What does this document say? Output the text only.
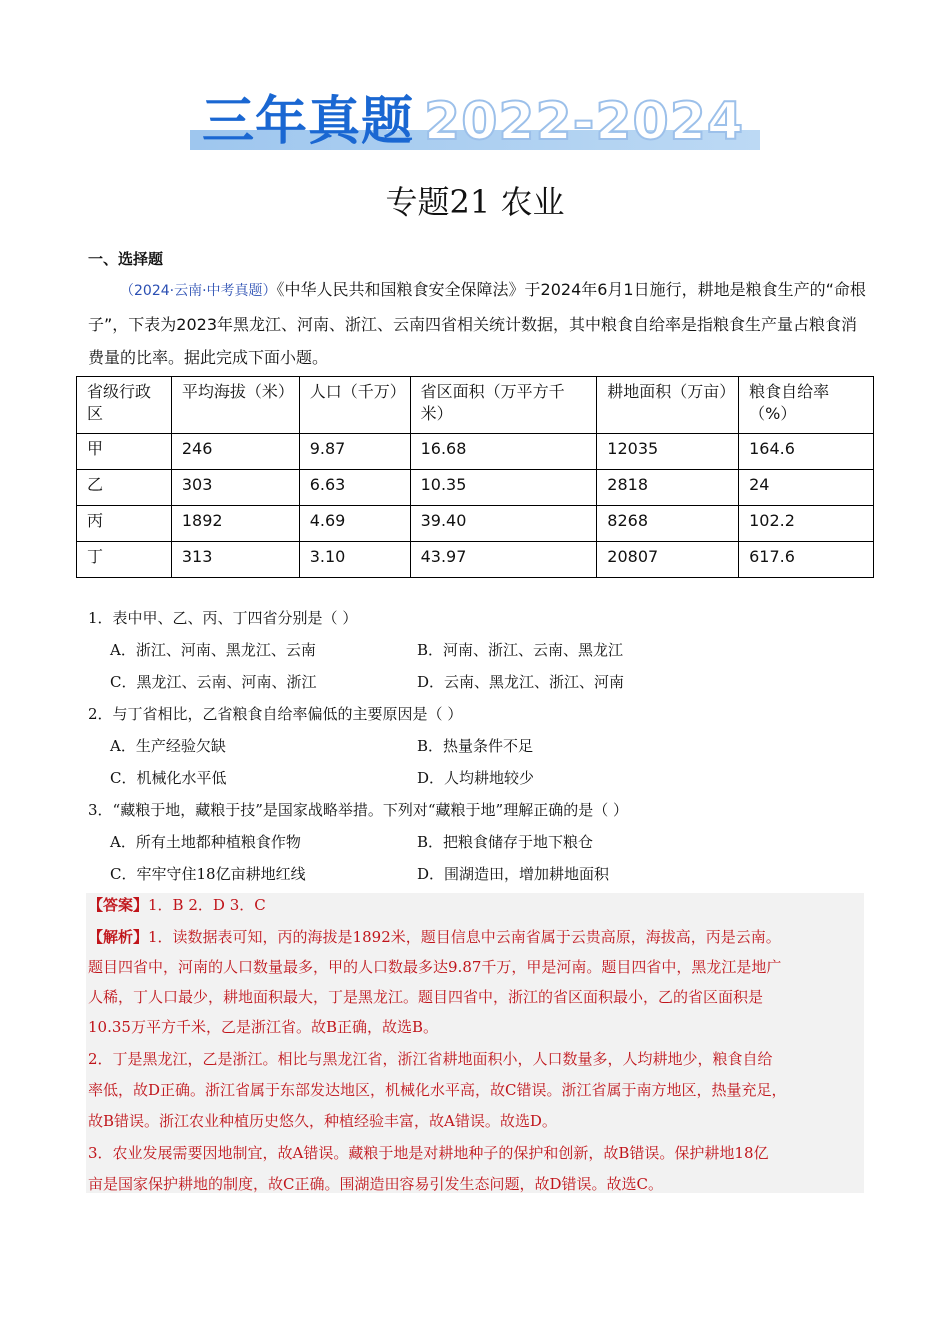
三年真题 2022-2024
专题21 农业
一、选择题
（2024·云南·中考真题）《中华人民共和国粮食安全保障法》于2024年6月1日施行，耕地是粮食生产的“命根子”，下表为2023年黑龙江、河南、浙江、云南四省相关统计数据，其中粮食自给率是指粮食生产量占粮食消费量的比率。据此完成下面小题。
省级行政区	平均海拔（米）	人口（千万）	省区面积（万平方千米）	耕地面积（万亩）	粮食自给率（%）
甲	246	9.87	16.68	12035	164.6
乙	303	6.63	10.35	2818	24
丙	1892	4.69	39.40	8268	102.2
丁	313	3.10	43.97	20807	617.6
1．表中甲、乙、丙、丁四省分别是（ ）
A．浙江、河南、黑龙江、云南	B．河南、浙江、云南、黑龙江
C．黑龙江、云南、河南、浙江	D．云南、黑龙江、浙江、河南
2．与丁省相比，乙省粮食自给率偏低的主要原因是（ ）
A．生产经验欠缺	B．热量条件不足
C．机械化水平低	D．人均耕地较少
3．“藏粮于地，藏粮于技”是国家战略举措。下列对“藏粮于地”理解正确的是（ ）
A．所有土地都种植粮食作物	B．把粮食储存于地下粮仓
C．牢牢守住18亿亩耕地红线	D．围湖造田，增加耕地面积
【答案】1．B 2．D 3．C
【解析】1．读数据表可知，丙的海拔是1892米，题目信息中云南省属于云贵高原，海拔高，丙是云南。
题目四省中，河南的人口数量最多，甲的人口数最多达9.87千万，甲是河南。题目四省中，黑龙江是地广
人稀，丁人口最少，耕地面积最大，丁是黑龙江。题目四省中，浙江的省区面积最小，乙的省区面积是
10.35万平方千米，乙是浙江省。故B正确，故选B。
2．丁是黑龙江，乙是浙江。相比与黑龙江省，浙江省耕地面积小，人口数量多，人均耕地少，粮食自给
率低，故D正确。浙江省属于东部发达地区，机械化水平高，故C错误。浙江省属于南方地区，热量充足，
故B错误。浙江农业种植历史悠久，种植经验丰富，故A错误。故选D。
3．农业发展需要因地制宜，故A错误。藏粮于地是对耕地种子的保护和创新，故B错误。保护耕地18亿
亩是国家保护耕地的制度，故C正确。围湖造田容易引发生态问题，故D错误。故选C。
